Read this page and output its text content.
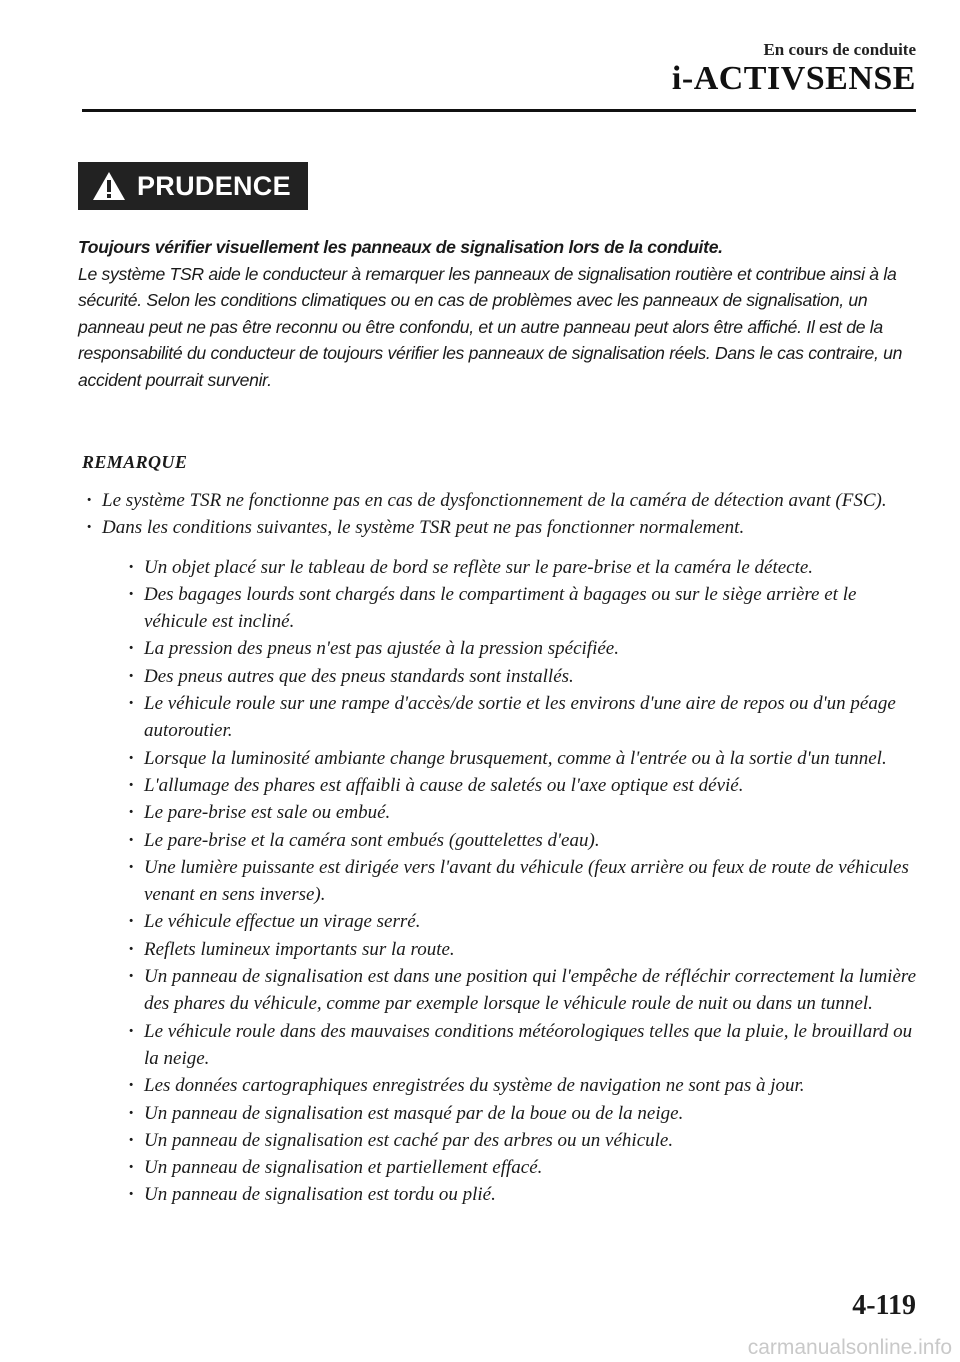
En cours de conduite
i-ACTIVSENSE
PRUDENCE
Toujours vérifier visuellement les panneaux de signalisation lors de la conduite.
Le système TSR aide le conducteur à remarquer les panneaux de signalisation routière et contribue ainsi à la sécurité. Selon les conditions climatiques ou en cas de problèmes avec les panneaux de signalisation, un panneau peut ne pas être reconnu ou être confondu, et un autre panneau peut alors être affiché. Il est de la responsabilité du conducteur de toujours vérifier les panneaux de signalisation réels. Dans le cas contraire, un accident pourrait survenir.
REMARQUE
· Le système TSR ne fonctionne pas en cas de dysfonctionnement de la caméra de détection avant (FSC).
· Dans les conditions suivantes, le système TSR peut ne pas fonctionner normalement.
· Un objet placé sur le tableau de bord se reflète sur le pare-brise et la caméra le détecte.
· Des bagages lourds sont chargés dans le compartiment à bagages ou sur le siège arrière et le véhicule est incliné.
· La pression des pneus n'est pas ajustée à la pression spécifiée.
· Des pneus autres que des pneus standards sont installés.
· Le véhicule roule sur une rampe d'accès/de sortie et les environs d'une aire de repos ou d'un péage autoroutier.
· Lorsque la luminosité ambiante change brusquement, comme à l'entrée ou à la sortie d'un tunnel.
· L'allumage des phares est affaibli à cause de saletés ou l'axe optique est dévié.
· Le pare-brise est sale ou embué.
· Le pare-brise et la caméra sont embués (gouttelettes d'eau).
· Une lumière puissante est dirigée vers l'avant du véhicule (feux arrière ou feux de route de véhicules venant en sens inverse).
· Le véhicule effectue un virage serré.
· Reflets lumineux importants sur la route.
· Un panneau de signalisation est dans une position qui l'empêche de réfléchir correctement la lumière des phares du véhicule, comme par exemple lorsque le véhicule roule de nuit ou dans un tunnel.
· Le véhicule roule dans des mauvaises conditions météorologiques telles que la pluie, le brouillard ou la neige.
· Les données cartographiques enregistrées du système de navigation ne sont pas à jour.
· Un panneau de signalisation est masqué par de la boue ou de la neige.
· Un panneau de signalisation est caché par des arbres ou un véhicule.
· Un panneau de signalisation et partiellement effacé.
· Un panneau de signalisation est tordu ou plié.
4-119
carmanualsonline.info
